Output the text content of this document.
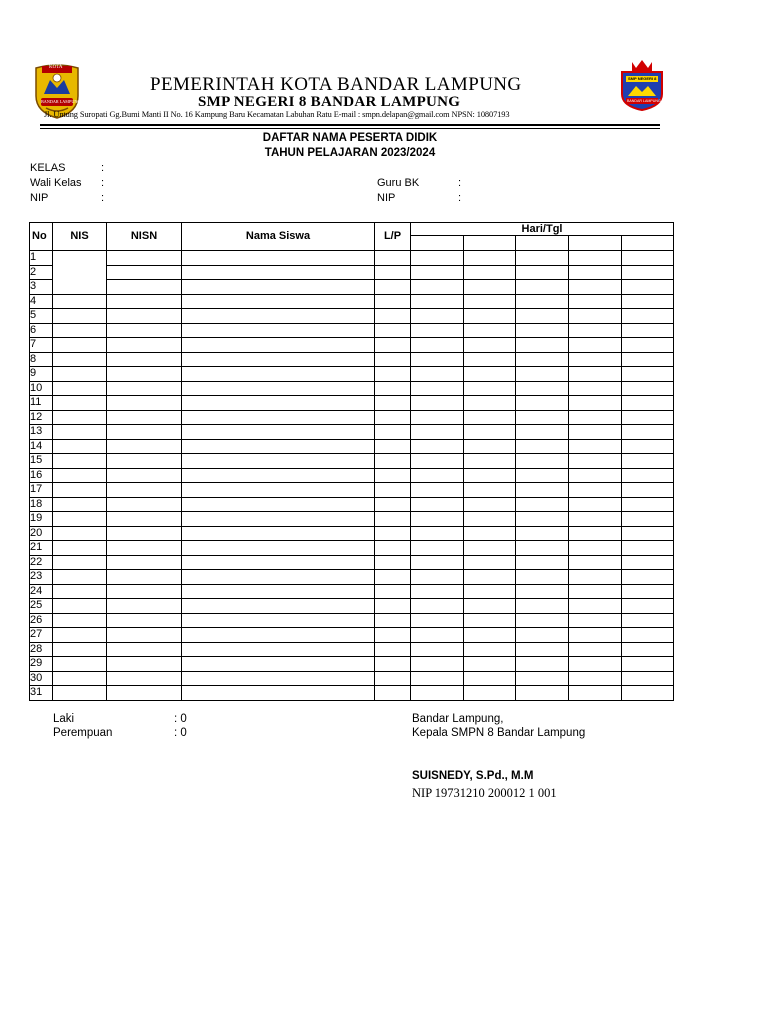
KOTA
BANDAR LAMPUNG
SMP NEGERI 8
BANDAR LAMPUNG
PEMERINTAH KOTA BANDAR LAMPUNG
SMP NEGERI 8 BANDAR LAMPUNG
Jl. Untung Suropati Gg.Bumi Manti II No. 16 Kampung Baru Kecamatan Labuhan Ratu E-mail : smpn.delapan@gmail.com NPSN: 10807193
DAFTAR NAMA PESERTA DIDIK
TAHUN PELAJARAN 2023/2024
KELAS	:
Wali Kelas :
NIP	:
Guru BK	:
NIP	:
No	NIS	NISN	Nama Siswa	L/P	Hari/Tgl				

1									
2									
3									
4									
5									
6									
7									
8									
9									
10									
11									
12									
13									
14									
15									
16									
17									
18									
19									
20									
21									
22									
23									
24									
25									
26									
27									
28									
29									
30									
31									
Laki	: 0
Perempuan	: 0
Bandar Lampung,
Kepala SMPN 8 Bandar Lampung
SUISNEDY, S.Pd., M.M
NIP 19731210 200012 1 001
